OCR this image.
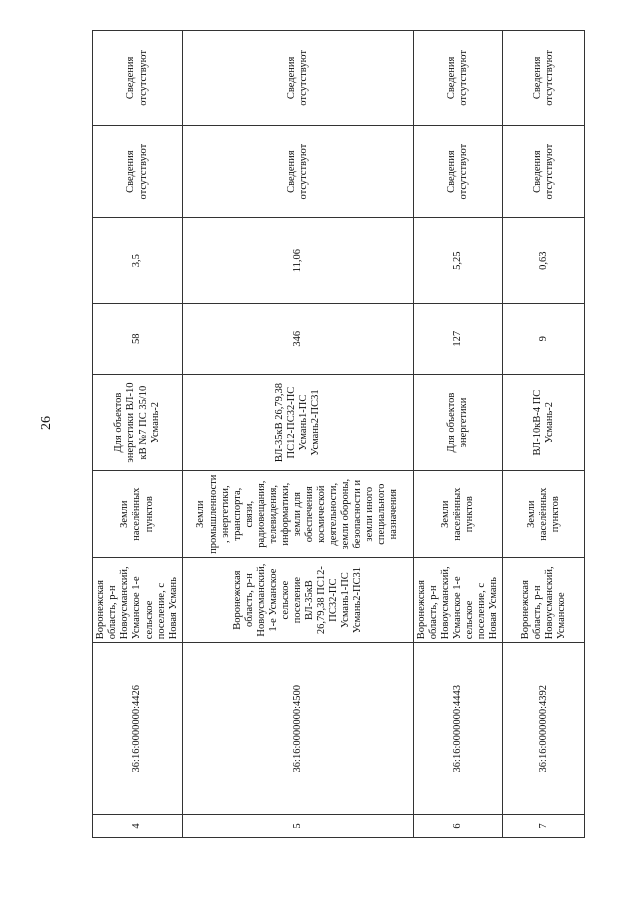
26
4	36:16:0000000:4426	Воронежская область, р-н Новоусманский, Усманское 1-е сельское поселение, с Новая Усмань	Земли населённых пунктов	Для объектов энергетики ВЛ-10 кВ №7 ПС 35/10 Усмань-2	58	3,5	Сведения отсутствуют	Сведения отсутствуют
5	36:16:0000000:4500	Воронежская область, р-н Новоусманский, 1-е Усманское сельское поселение ВЛ-35кВ 26,79,38 ПС12-ПС32-ПС Усмань1-ПС Усмань2-ПС31	Земли промышленности, энергетики, транспорта, связи, радиовещания, телевидения, информатики, земли для обеспечения космической деятельности, земли обороны, безопасности и земли иного специального назначения	ВЛ-35кВ 26,79,38 ПС12-ПС32-ПС Усмань1-ПС Усмань2-ПС31	346	11,06	Сведения отсутствуют	Сведения отсутствуют
6	36:16:0000000:4443	Воронежская область, р-н Новоусманский, Усманское 1-е сельское поселение, с Новая Усмань	Земли населённых пунктов	Для объектов энергетики	127	5,25	Сведения отсутствуют	Сведения отсутствуют
7	36:16:0000000:4392	Воронежская область, р-н Новоусманский, Усманское	Земли населённых пунктов	ВЛ-10кВ-4 ПС Усмань-2	9	0,63	Сведения отсутствуют	Сведения отсутствуют
